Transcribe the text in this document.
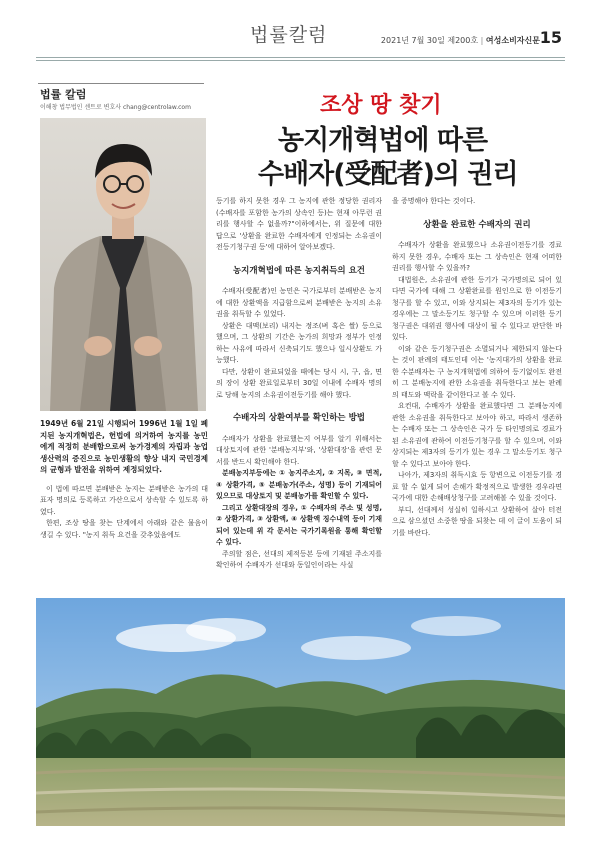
법률칼럼	2021년 7월 30일 제200호 | 여성소비자신문 15
법률 칼럼
이해창 법무법인 센트로 변호사 chang@centrolaw.com	조상 땅 찾기
농지개혁법에 따른
수배자(受配者)의 권리

1949년 6월 21일 시행되어 1996년 1월 1일 폐지된 농지개혁법은, 헌법에 의거하여 농지를 농민에게 적정히 분배함으로써 농가경제의 자립과 농업생산력의 증진으로 농민생활의 향상 내지 국민경제의 균형과 발전을 위하여 제정되었다.

이 법에 따르면 분배받은 농지는 분배받은 농가의 대표자 명의로 등록하고 가산으로서 상속할 수 있도록 하였다.

한편, 조상 땅을 찾는 단계에서 아래와 같은 물음이 생길 수 있다. "농지 취득 요건을 갖추었음에도

등기를 하지 못한 경우 그 농지에 관한 정당한 권리자(수배자를 포함한 농가의 상속인 등)는 현재 아무런 권리를 행사할 수 없을까?"이하에서는, 위 질문에 대한 답으로 '상환을 완료한 수배자에게 인정되는 소유권이전등기청구권 등'에 대하여 알아보겠다.

농지개혁법에 따른 농지취득의 요건

수배자(受配者)인 농민은 국가로부터 분배받은 농지에 대한 상환액을 지급함으로써 분배받은 농지의 소유권을 취득할 수 있었다.

상환은 대맥(보리) 내지는 정조(벼 혹은 쌀) 등으로 했으며, 그 상환의 기간은 농가의 희망과 정부가 인정하는 사유에 따라서 신축되기도 했으나 일시상환도 가능했다.

다만, 상환이 완료되었을 때에는 당시 시, 구, 읍, 면의 장이 상환 완료일로부터 30일 이내에 수배자 명의로 당해 농지의 소유권이전등기를 해야 했다.

수배자의 상환여부를 확인하는 방법

수배자가 상환을 완료했는지 여부를 알기 위해서는 대상토지에 관한 '분배농지부'와, '상환대장'을 관련 문서를 반드시 확인해야 한다.

분배농지부등에는 ① 농지주소지, ② 지목, ③ 면적, ④ 상환가격, ⑤ 분배농가(주소, 성명) 등이 기재되어 있으므로 대상토지 및 분배농가를 확인할 수 있다.

그리고 상환대장의 경우, ① 수배자의 주소 및 성명, ② 상환가격, ③ 상환액, ④ 상환액 징수내역 등이 기재되어 있는데 위 각 문서는 국가기록원을 통해 확인할 수 있다.

주의할 점은, 선대의 제적등본 등에 기재된 주소지를 확인하여 수배자가 선대와 동일인이라는 사실

을 증명해야 한다는 것이다.

상환을 완료한 수배자의 권리

수배자가 상환을 완료했으나 소유권이전등기를 경료하지 못한 경우, 수배자 또는 그 상속인은 현재 어떠한 권리를 행사할 수 있을까?

대법원은, 소유권에 관한 등기가 국가명의로 되어 있다면 국가에 대해 그 상환완료를 원인으로 한 이전등기청구를 할 수 있고, 이와 상지되는 제3자의 등기가 있는 경우에는 그 말소등기도 청구할 수 있으며 이러한 등기청구권은 대위권 행사에 대상이 될 수 있다고 판단한 바 있다.

이와 같은 등기청구권은 소멸되거나 제한되지 않는다는 것이 판례의 태도인데 이는 '농지대가의 상환을 완료한 수분배자는 구 농지개혁법에 의하여 등기없이도 완전히 그 분배농지에 관한 소유권을 취득한다고 보는 판례의 태도와 맥락을 같이한다고 볼 수 있다.

요컨대, 수배자가 상환을 완료했다면 그 분배농지에 관한 소유권을 취득한다고 보아야 하고, 따라서 생존하는 수배자 또는 그 상속인은 국가 등 타인명의로 경료가 된 소유권에 관하여 이전등기청구를 할 수 있으며, 이와 상지되는 제3자의 등기가 있는 경우 그 말소등기도 청구할 수 있다고 보아야 한다.

나아가, 제3자의 취득시효 등 항변으로 이전등기를 경료 할 수 없게 되어 손해가 확정적으로 발생한 경우라면 국가에 대한 손해배상청구를 고려해볼 수 있을 것이다.

부디, 선대께서 성실히 일하시고 상환하여 살아 터전으로 삼으셨던 소중한 땅을 되찾는 데 이 글이 도움이 되기를 바란다.
